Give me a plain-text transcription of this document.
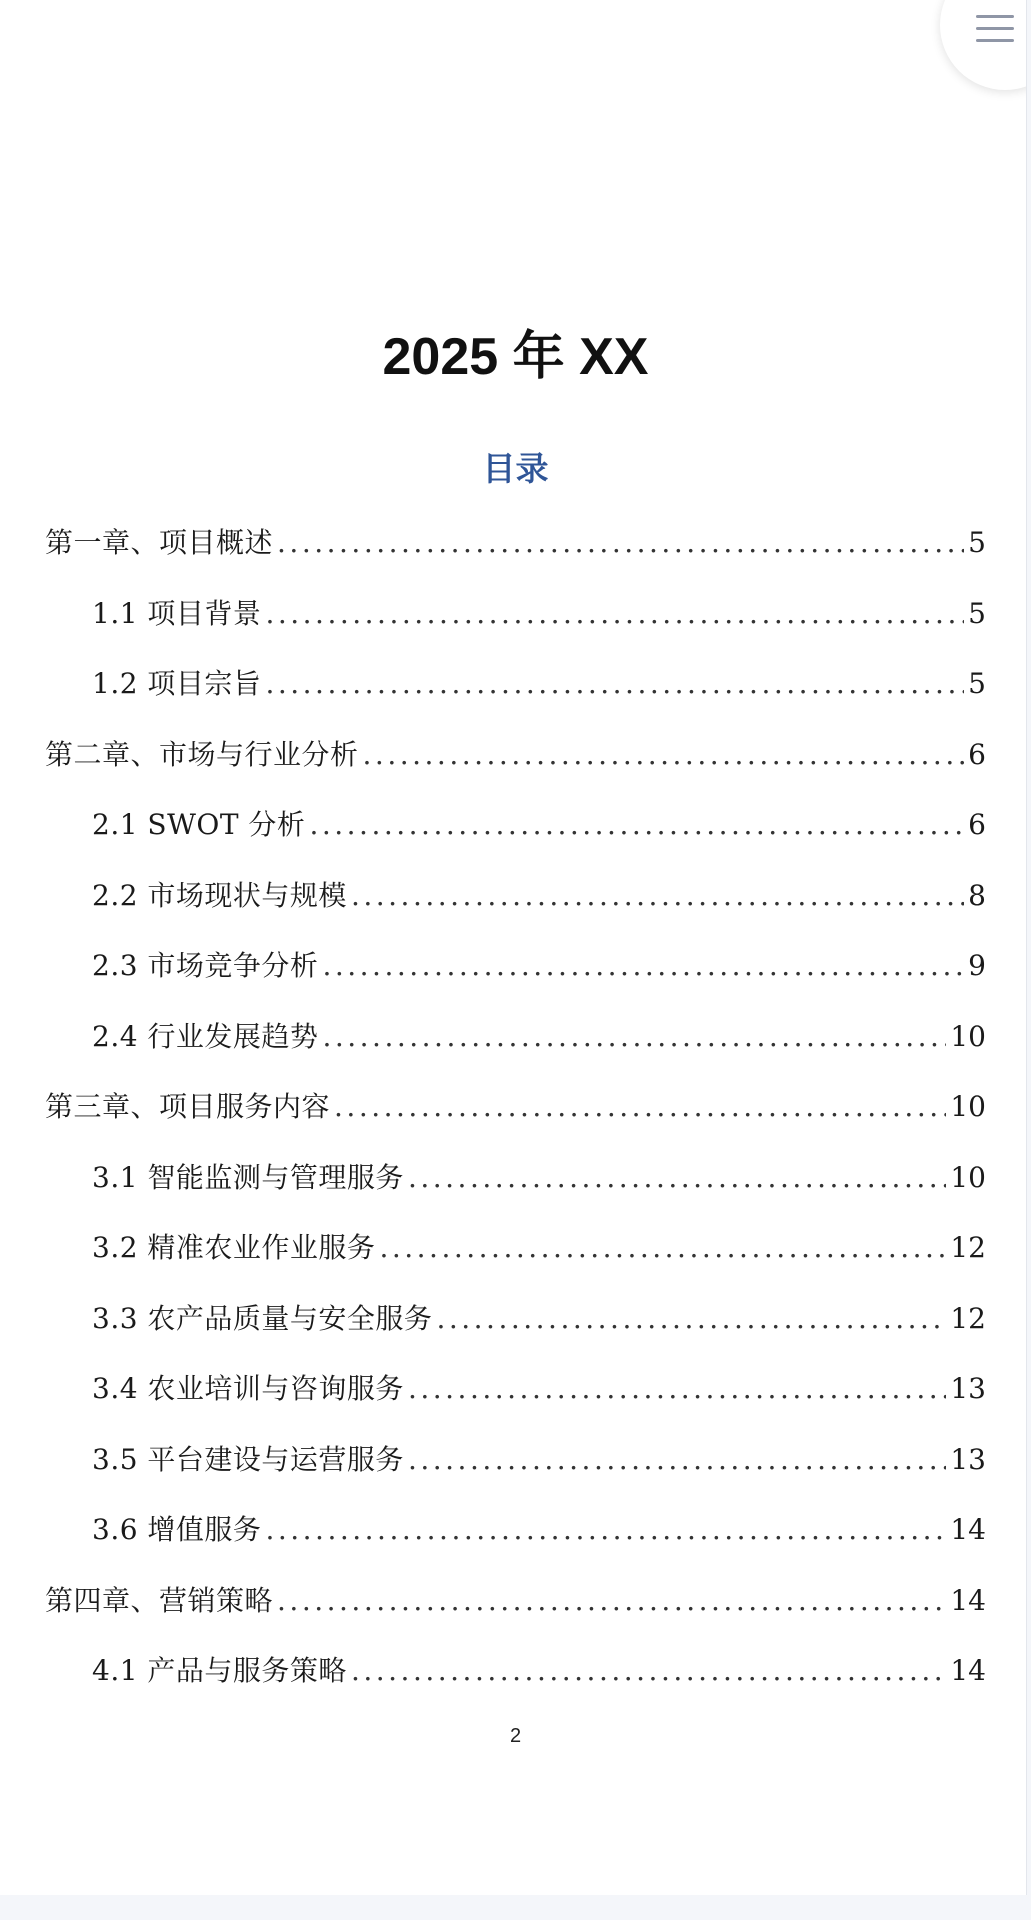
2025 年 XX
目录
第一章、项目概述 .....	5
1.1 项目背景 .....	5
1.2 项目宗旨 .....	5
第二章、市场与行业分析 .....	6
2.1 SWOT 分析 .....	6
2.2 市场现状与规模 .....	8
2.3 市场竞争分析 .....	9
2.4 行业发展趋势 .....	10
第三章、项目服务内容 .....	10
3.1 智能监测与管理服务 .....	10
3.2 精准农业作业服务 .....	12
3.3 农产品质量与安全服务 .....	12
3.4 农业培训与咨询服务 .....	13
3.5 平台建设与运营服务 .....	13
3.6 增值服务 .....	14
第四章、营销策略 .....	14
4.1 产品与服务策略 .....	14
2
